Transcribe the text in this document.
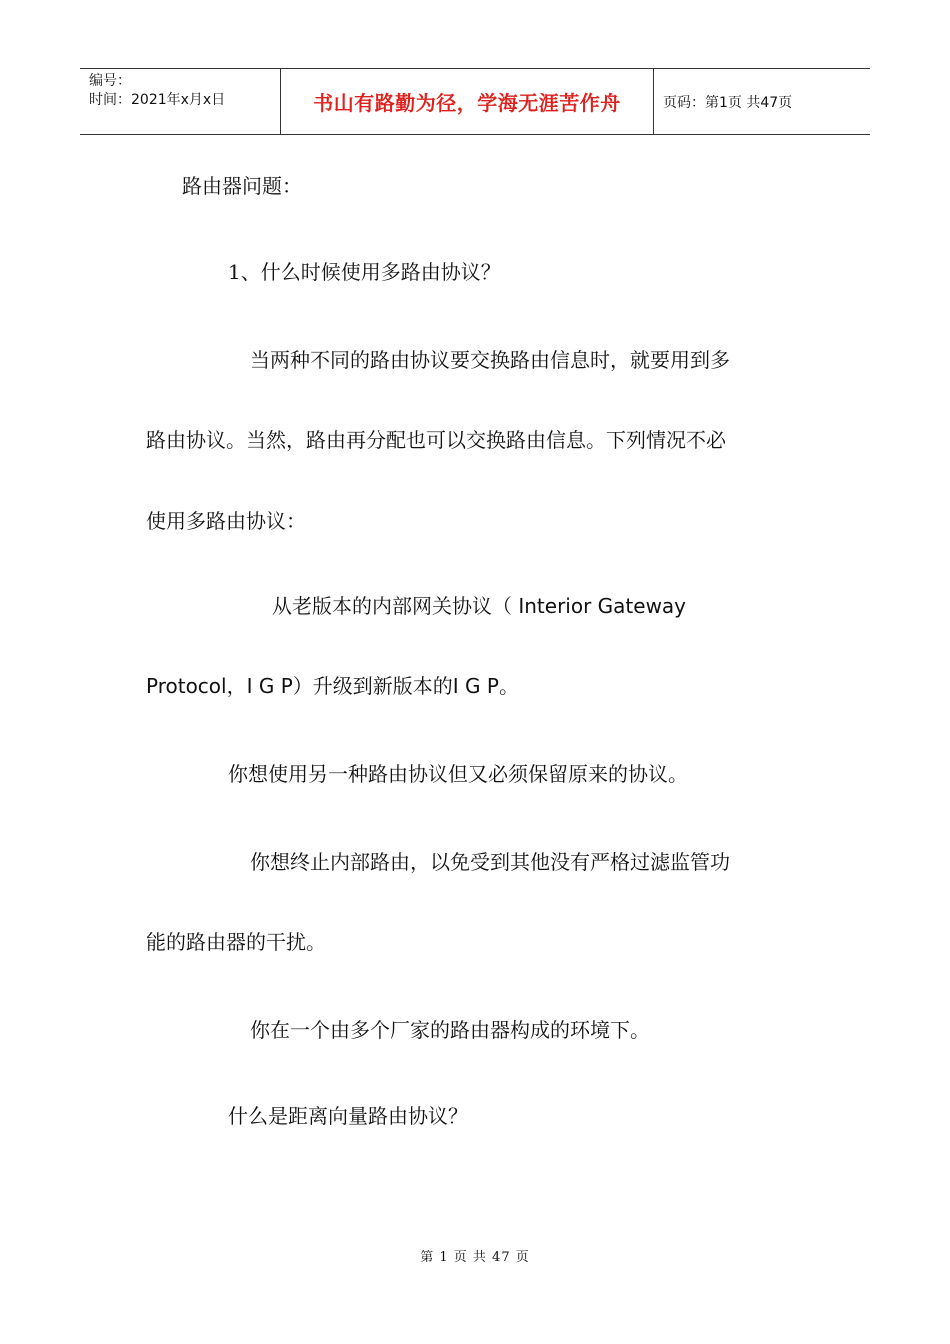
编号：
时间：2021年x月x日	书山有路勤为径，学海无涯苦作舟	页码：第1页 共47页
路由器问题：
1、什么时候使用多路由协议？
当两种不同的路由协议要交换路由信息时，就要用到多
路由协议。当然，路由再分配也可以交换路由信息。下列情况不必
使用多路由协议：
从老版本的内部网关协议（ Interior Gateway
Protocol，I G P）升级到新版本的I G P。
你想使用另一种路由协议但又必须保留原来的协议。
你想终止内部路由，以免受到其他没有严格过滤监管功
能的路由器的干扰。
你在一个由多个厂家的路由器构成的环境下。
什么是距离向量路由协议？
第 1 页 共 47 页
